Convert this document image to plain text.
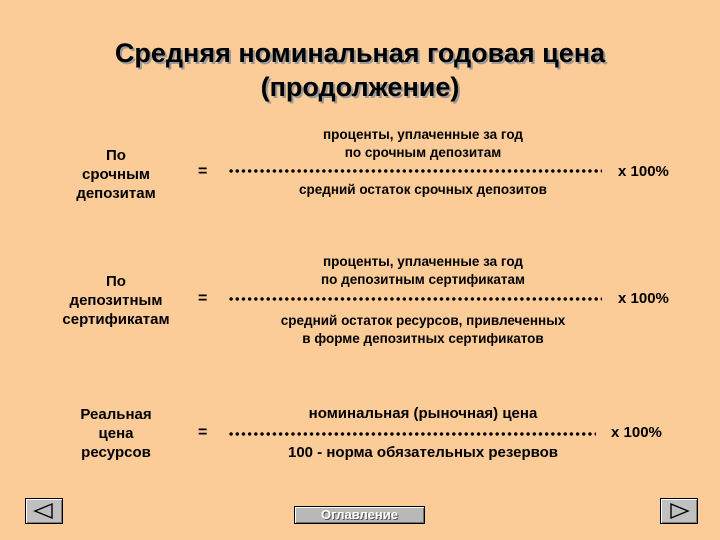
Средняя номинальная годовая цена
(продолжение)
По
срочным
депозитам
=
проценты, уплаченные за год
по срочным депозитам
средний остаток срочных депозитов
х 100%
По
депозитным
сертификатам
=
проценты, уплаченные за год
по депозитным сертификатам
средний остаток ресурсов, привлеченных
в форме депозитных сертификатов
х 100%
Реальная
цена
ресурсов
=
номинальная (рыночная) цена
100 - норма обязательных резервов
х 100%
Оглавление
